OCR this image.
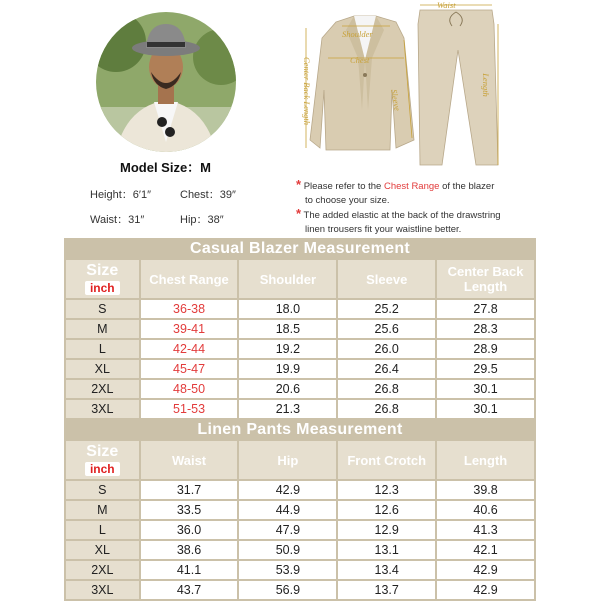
Model Size：M
Height：6′1″	Chest：39″
Waist：31″	Hip：38″
Shoulder
Chest
Center Back Length	Sleeve
Waist
Length
* Please refer to the Chest Range of the blazer
to choose your size.
* The added elastic at the back of the drawstring
linen trousers fit your waistline better.
Casual Blazer Measurement				
Size
inch	Chest Range	Shoulder	Sleeve	Center Back Length
S	36-38	18.0	25.2	27.8
M	39-41	18.5	25.6	28.3
L	42-44	19.2	26.0	28.9
XL	45-47	19.9	26.4	29.5
2XL	48-50	20.6	26.8	30.1
3XL	51-53	21.3	26.8	30.1
Linen Pants Measurement				
Size
inch	Waist	Hip	Front Crotch	Length
S	31.7	42.9	12.3	39.8
M	33.5	44.9	12.6	40.6
L	36.0	47.9	12.9	41.3
XL	38.6	50.9	13.1	42.1
2XL	41.1	53.9	13.4	42.9
3XL	43.7	56.9	13.7	42.9
